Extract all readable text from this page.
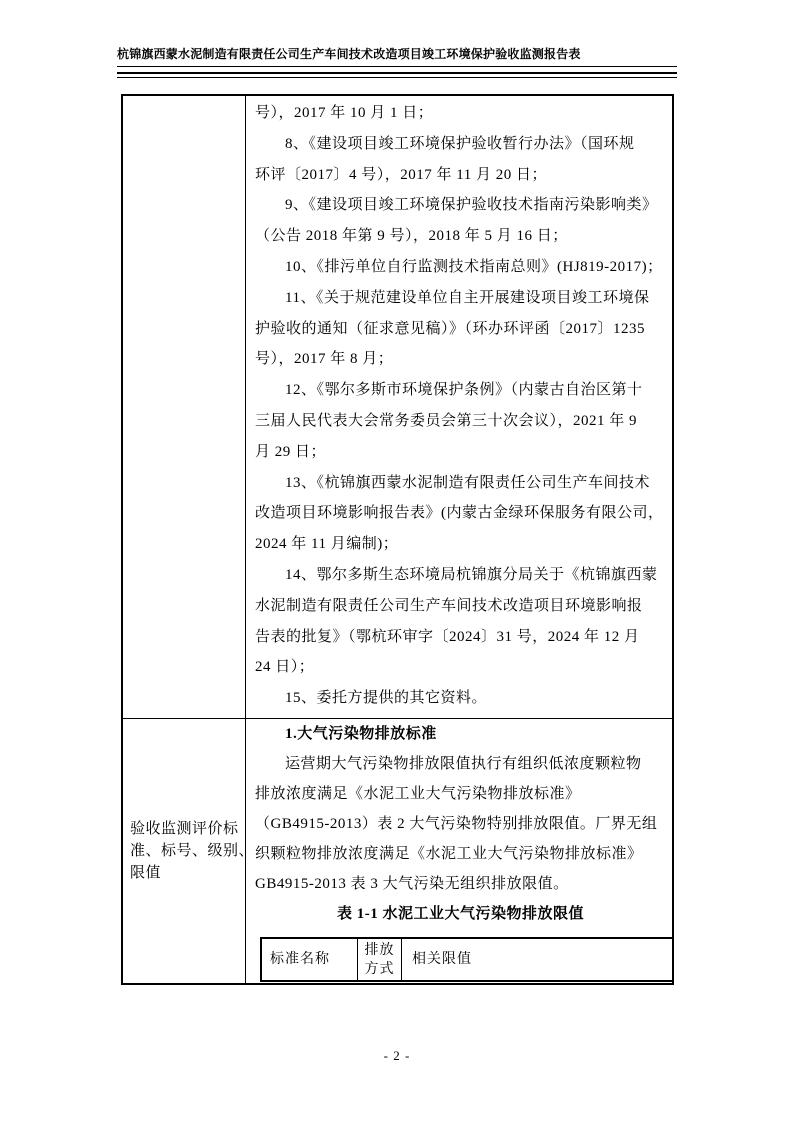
杭锦旗西蒙水泥制造有限责任公司生产车间技术改造项目竣工环境保护验收监测报告表
号），2017 年 10 月 1 日；
8、《建设项目竣工环境保护验收暂行办法》（国环规
环评〔2017〕4 号），2017 年 11 月 20 日；
9、《建设项目竣工环境保护验收技术指南污染影响类》
（公告 2018 年第 9 号），2018 年 5 月 16 日；
10、《排污单位自行监测技术指南总则》(HJ819-2017)；
11、《关于规范建设单位自主开展建设项目竣工环境保
护验收的通知（征求意见稿）》（环办环评函〔2017〕1235
号），2017 年 8 月；
12、《鄂尔多斯市环境保护条例》（内蒙古自治区第十
三届人民代表大会常务委员会第三十次会议），2021 年 9
月 29 日；
13、《杭锦旗西蒙水泥制造有限责任公司生产车间技术
改造项目环境影响报告表》(内蒙古金绿环保服务有限公司，
2024 年 11 月编制)；
14、鄂尔多斯生态环境局杭锦旗分局关于《杭锦旗西蒙
水泥制造有限责任公司生产车间技术改造项目环境影响报
告表的批复》（鄂杭环审字〔2024〕31 号，2024 年 12 月
24 日）；
15、委托方提供的其它资料。
验收监测评价标
准、标号、级别、
限值
1.大气污染物排放标准
运营期大气污染物排放限值执行有组织低浓度颗粒物
排放浓度满足《水泥工业大气污染物排放标准》
（GB4915-2013）表 2 大气污染物特别排放限值。厂界无组
织颗粒物排放浓度满足《水泥工业大气污染物排放标准》
GB4915-2013 表 3 大气污染无组织排放限值。
表 1-1 水泥工业大气污染物排放限值
标准名称
排放方式
相关限值
- 2 -
